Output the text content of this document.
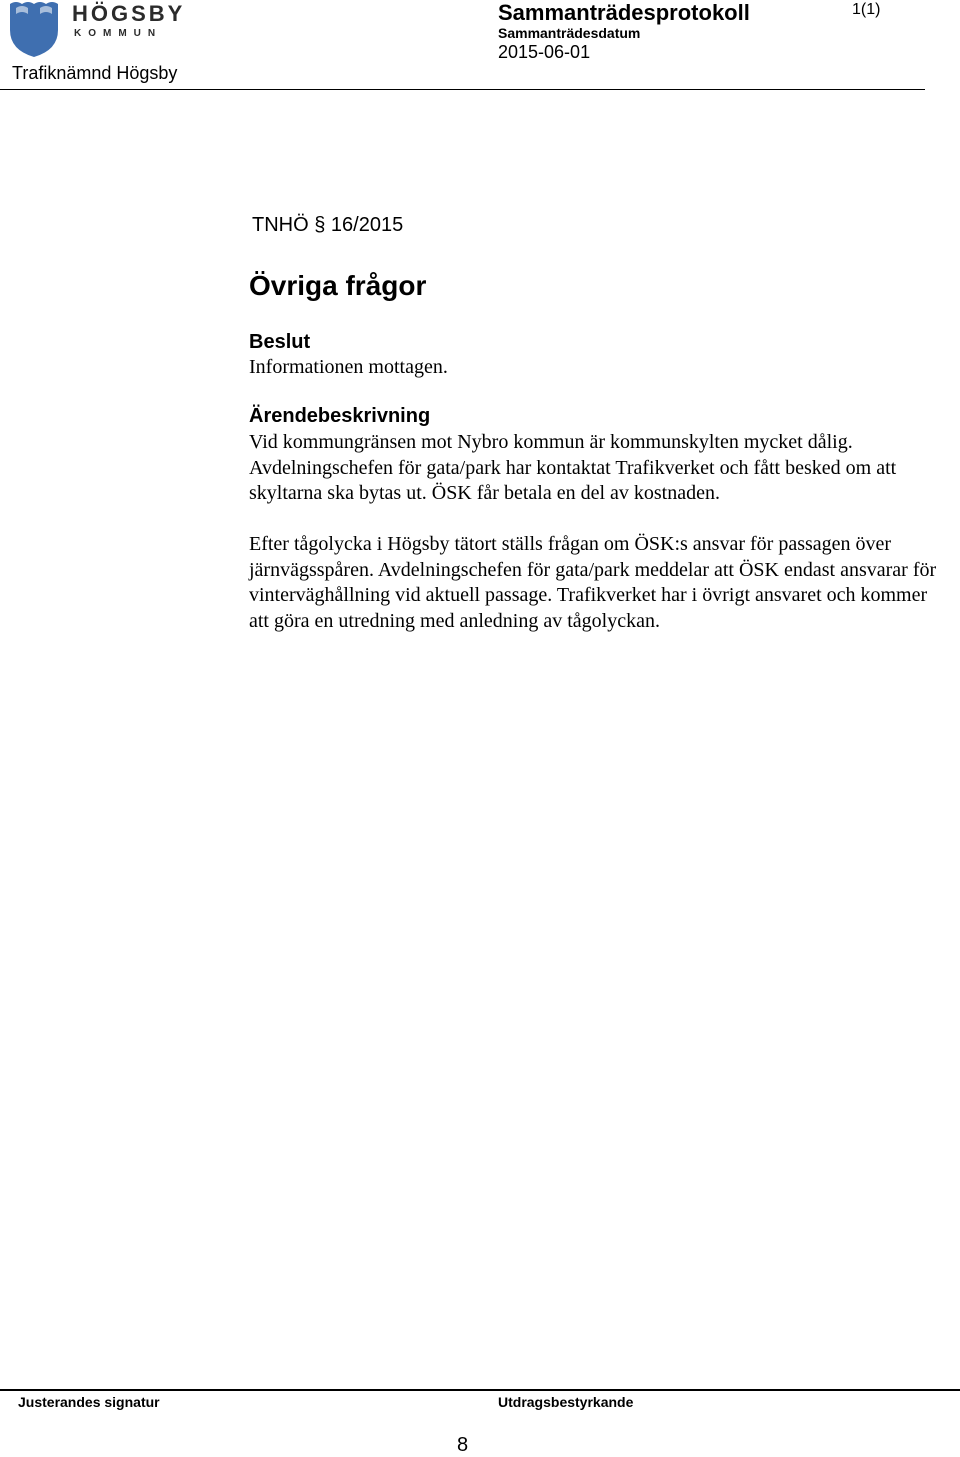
HÖGSBY
KOMMUN
Trafiknämnd Högsby
Sammanträdesprotokoll
Sammanträdesdatum
2015-06-01
1(1)
TNHÖ § 16/2015
Övriga frågor
Beslut
Informationen mottagen.
Ärendebeskrivning
Vid kommungränsen mot Nybro kommun är kommunskylten mycket dålig. Avdelningschefen för gata/park har kontaktat Trafikverket och fått besked om att skyltarna ska bytas ut. ÖSK får betala en del av kostnaden.
Efter tågolycka i Högsby tätort ställs frågan om ÖSK:s ansvar för passagen över järnvägsspåren. Avdelningschefen för gata/park meddelar att ÖSK endast ansvarar för vinterväghållning vid aktuell passage. Trafikverket har i övrigt ansvaret och kommer att göra en utredning med anledning av tågolyckan.
Justerandes signatur	Utdragsbestyrkande
8
